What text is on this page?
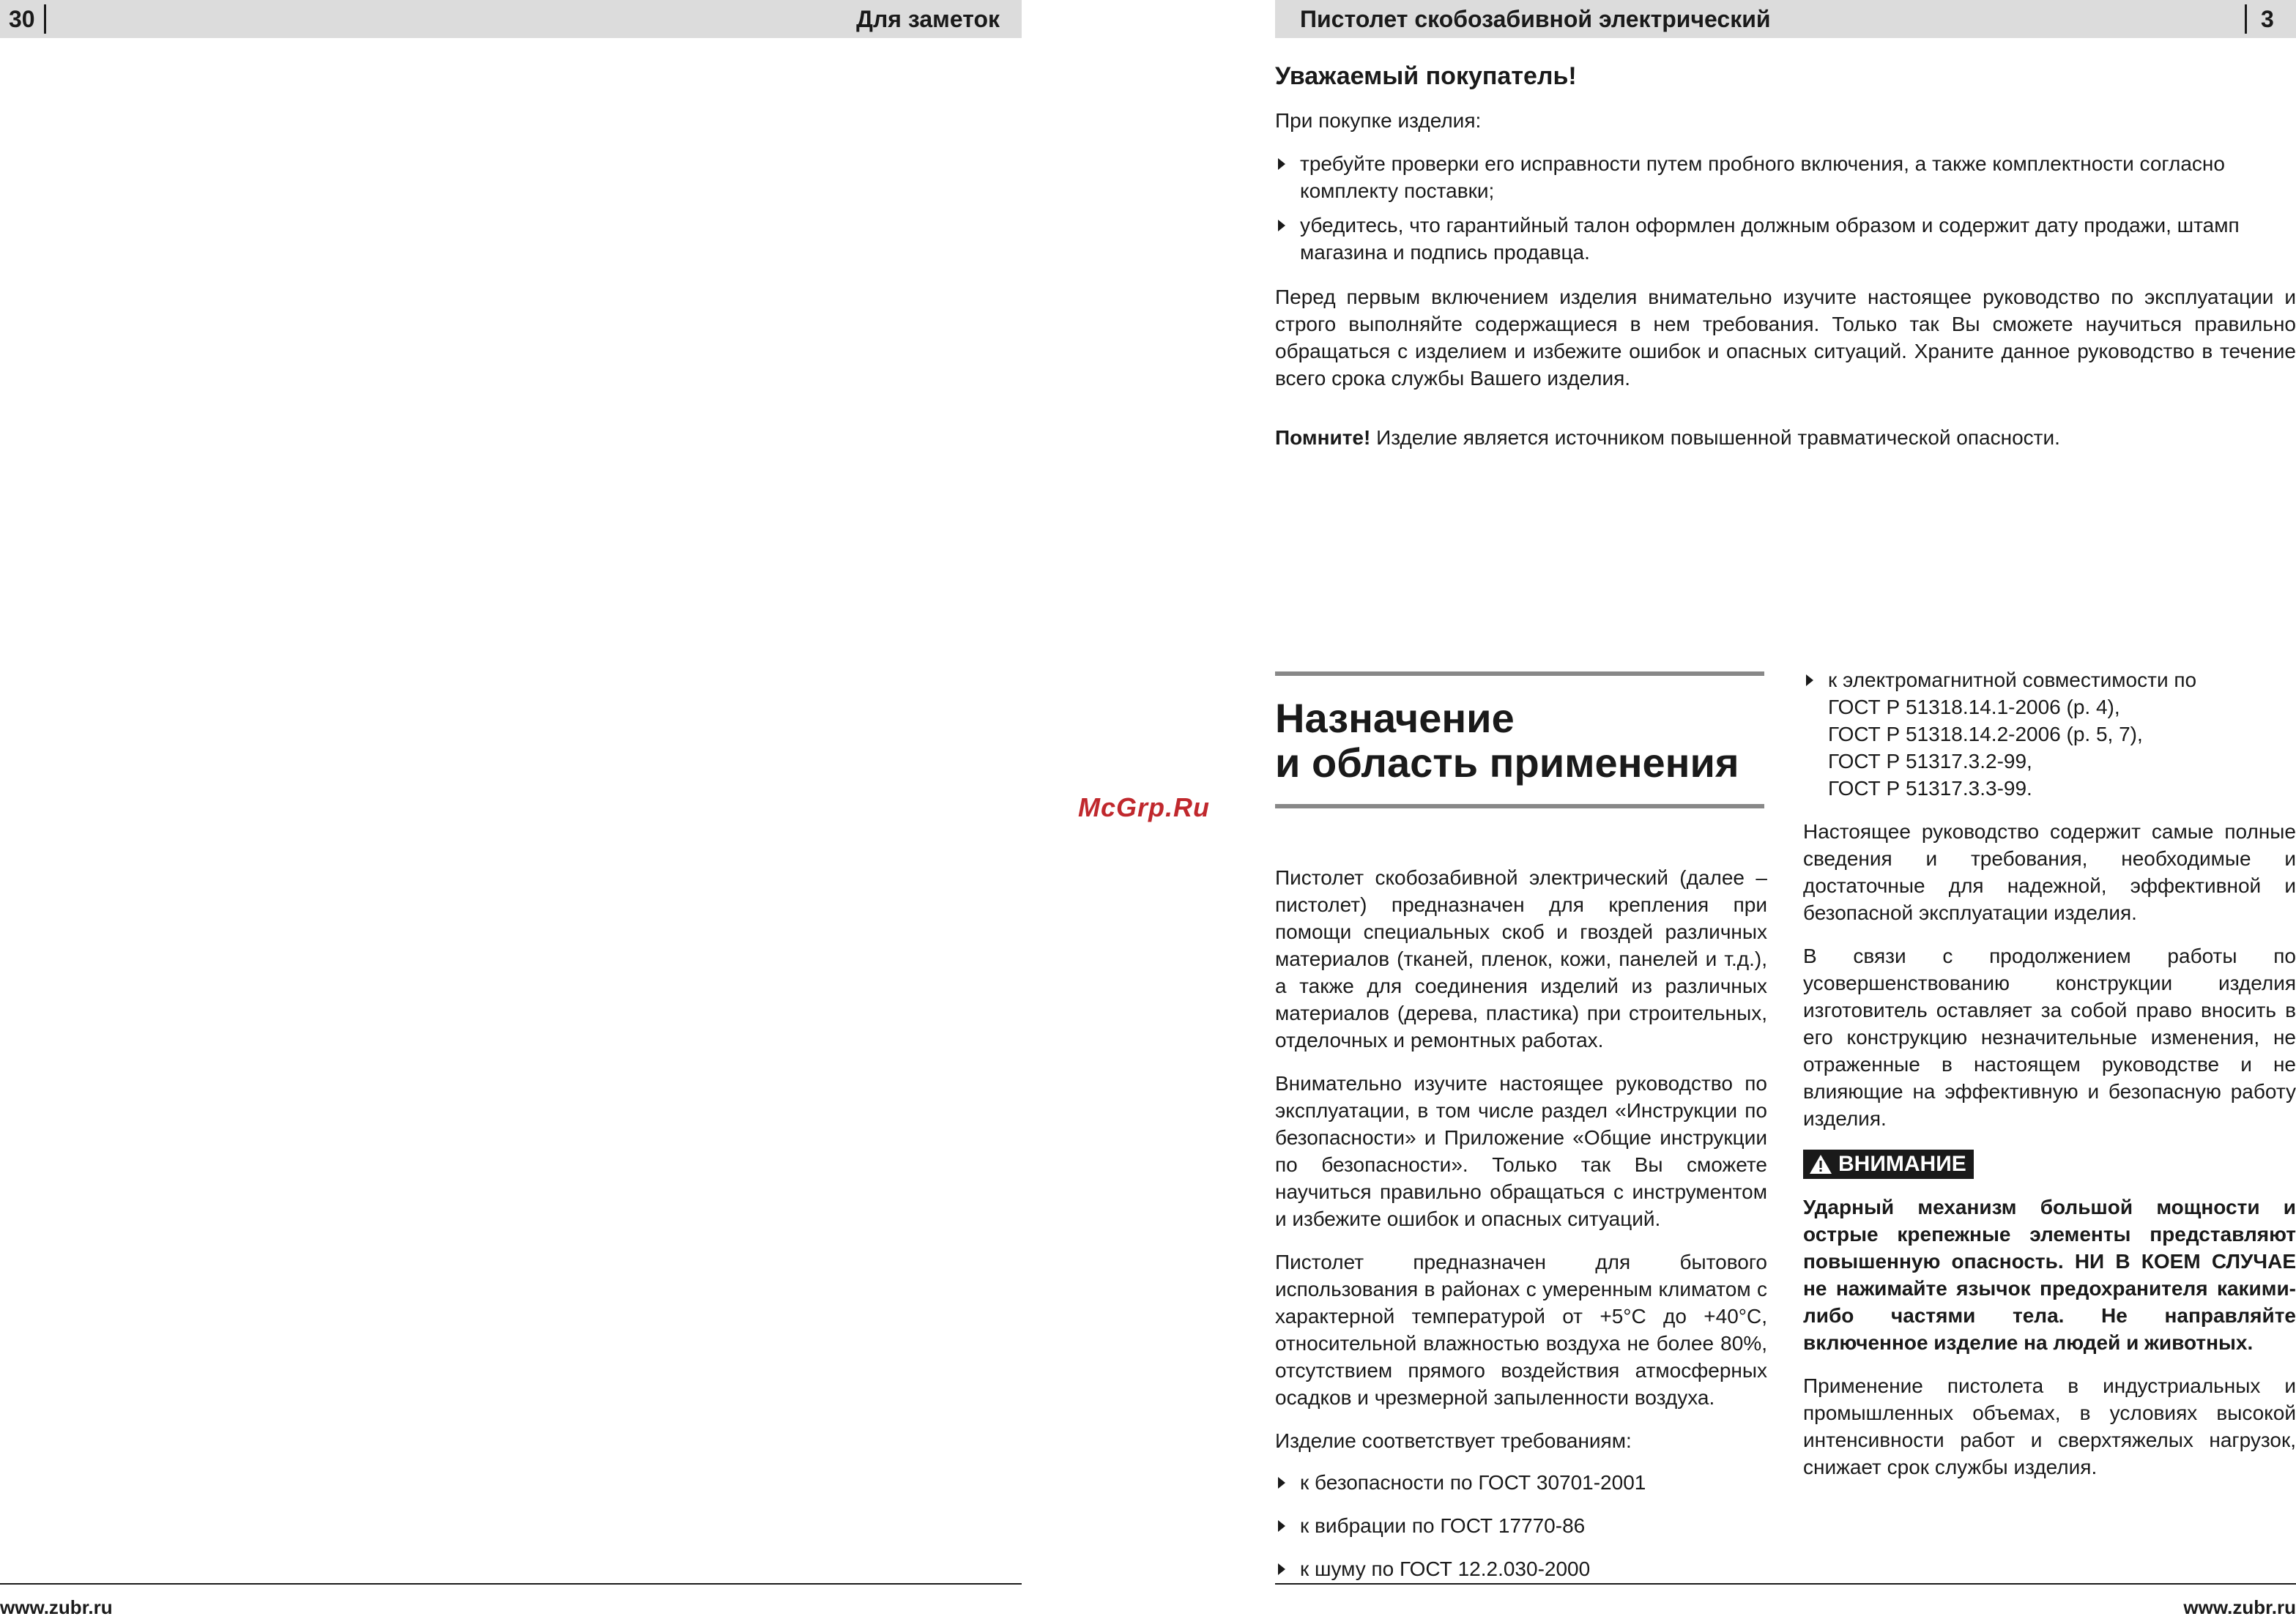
30	Для заметок	Пистолет скобозабивной электрический	3
Уважаемый покупатель!

При покупке изделия:

требуйте проверки его исправности путем пробного включения, а также комплектности согласно комплекту поставки;
убедитесь, что гарантийный талон оформлен должным образом и содержит дату продажи, штамп магазина и подпись продавца.

Перед первым включением изделия внимательно изучите настоящее руководство по эксплуатации и строго выполняйте содержащиеся в нем требования. Только так Вы сможете научиться правильно обращаться с изделием и избежите ошибок и опасных ситуаций. Храните данное руководство в течение всего срока службы Вашего изделия.

Помните! Изделие является источником повышенной травматической опасности.

Назначение
и область применения
McGrp.Ru

Пистолет скобозабивной электрический (далее – пистолет) предназначен для крепления при помощи специальных скоб и гвоздей различных материалов (тканей, пленок, кожи, панелей и т.д.), а также для соединения изделий из различных материалов (дерева, пластика) при строительных, отделочных и ремонтных работах.

Внимательно изучите настоящее руководство по эксплуатации, в том числе раздел «Инструкции по безопасности» и Приложение «Общие инструкции по безопасности». Только так Вы сможете научиться правильно обращаться с инструментом и избежите ошибок и опасных ситуаций.

Пистолет предназначен для бытового использования в районах с умеренным климатом с характерной температурой от +5°С до +40°С, относительной влажностью воздуха не более 80%, отсутствием прямого воздействия атмосферных осадков и чрезмерной запыленности воздуха.

Изделие соответствует требованиям:

к безопасности по ГОСТ 30701-2001
к вибрации по ГОСТ 17770-86
к шуму по ГОСТ 12.2.030-2000
к электромагнитной совместимости по
ГОСТ Р 51318.14.1-2006 (р. 4),
ГОСТ Р 51318.14.2-2006 (р. 5, 7),
ГОСТ Р 51317.3.2-99,
ГОСТ Р 51317.3.3-99.

Настоящее руководство содержит самые полные сведения и требования, необходимые и достаточные для надежной, эффективной и безопасной эксплуатации изделия.

В связи с продолжением работы по усовершенствованию конструкции изделия изготовитель оставляет за собой право вносить в его конструкцию незначительные изменения, не отраженные в настоящем руководстве и не влияющие на эффективную и безопасную работу изделия.

ВНИМАНИЕ

Ударный механизм большой мощности и острые крепежные элементы представляют повышенную опасность. НИ В КОЕМ СЛУЧАЕ не нажимайте язычок предохранителя какими-либо частями тела. Не направляйте включенное изделие на людей и животных.

Применение пистолета в индустриальных и промышленных объемах, в условиях высокой интенсивности работ и сверхтяжелых нагрузок, снижает срок службы изделия.

www.zubr.ru	www.zubr.ru
